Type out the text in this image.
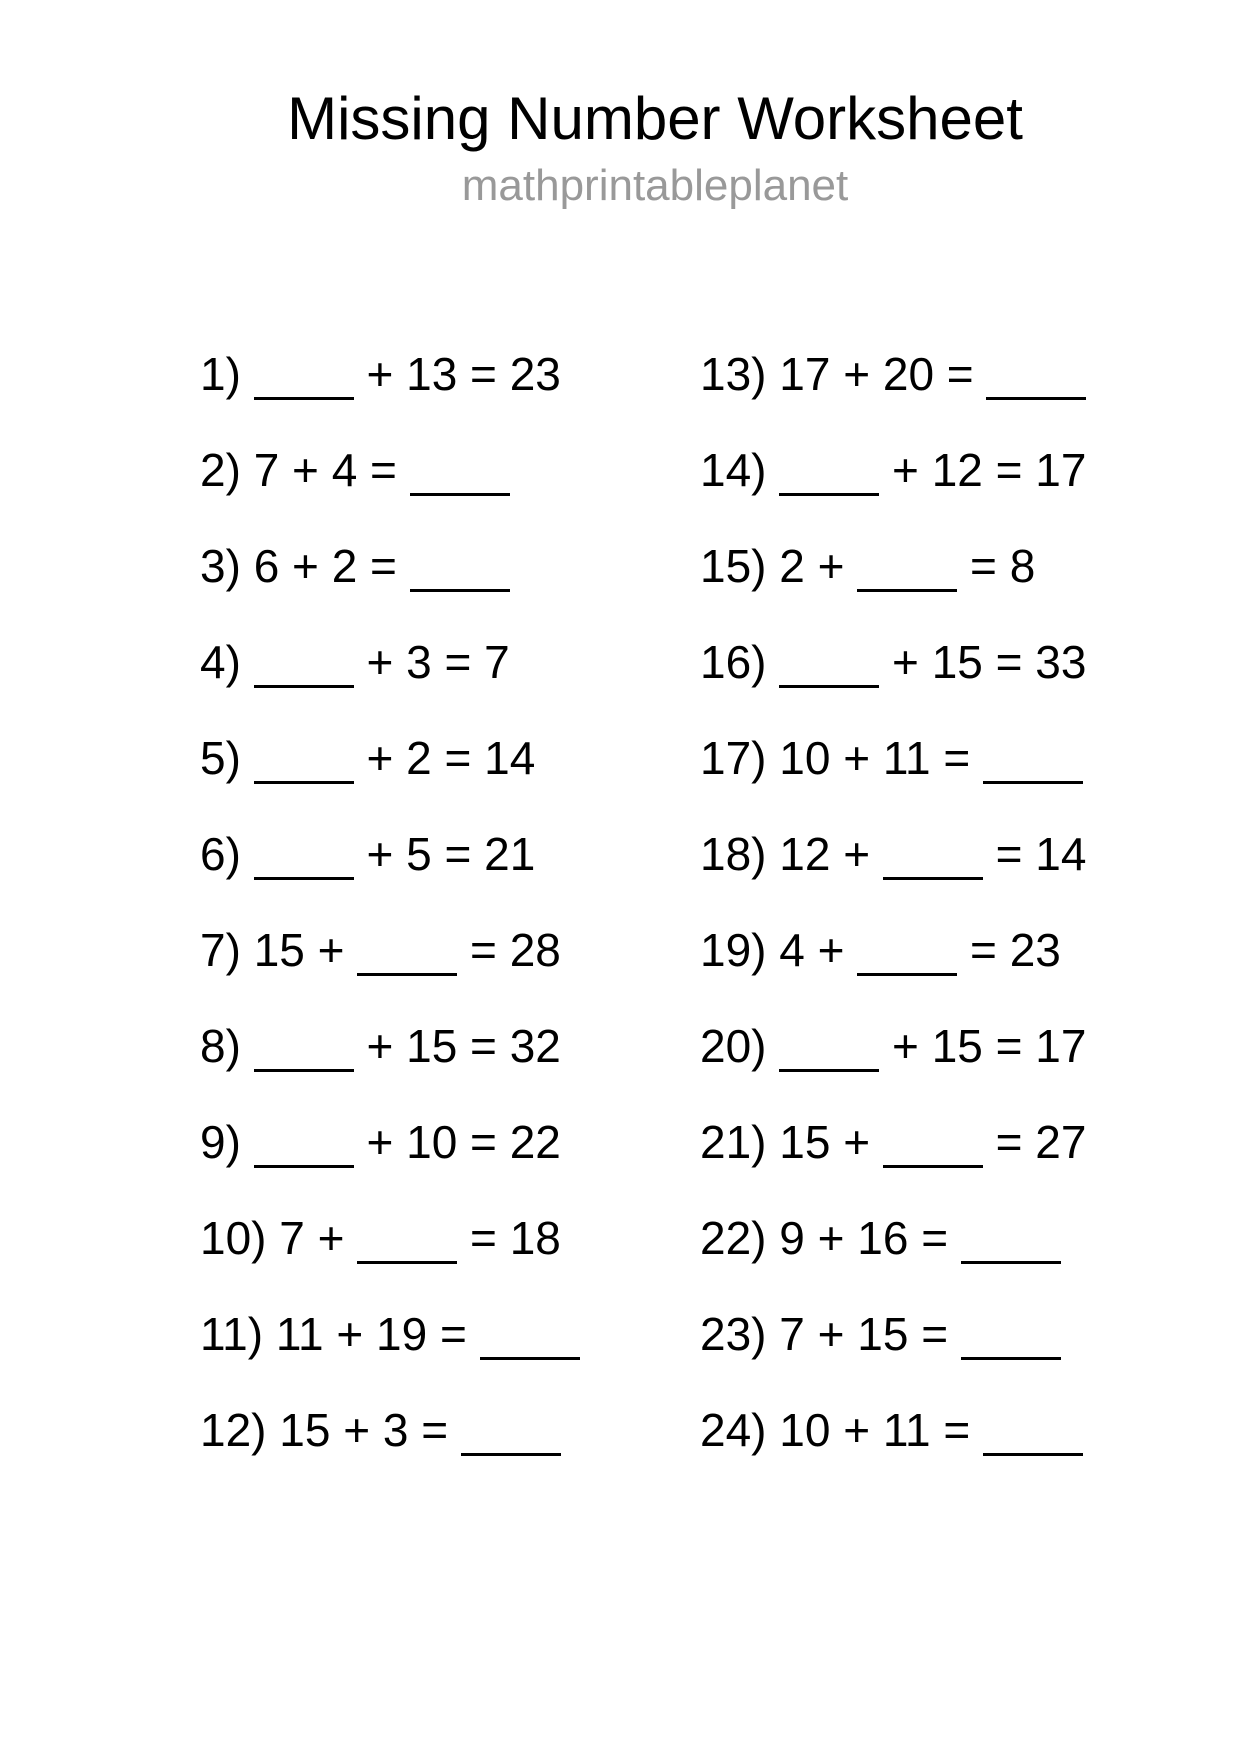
Missing Number Worksheet
mathprintableplanet
1)  + 13 = 23
2) 7 + 4 =
3) 6 + 2 =
4)  + 3 = 7
5)  + 2 = 14
6)  + 5 = 21
7) 15 +  = 28
8)  + 15 = 32
9)  + 10 = 22
10) 7 +  = 18
11) 11 + 19 =
12) 15 + 3 =
13) 17 + 20 =
14)  + 12 = 17
15) 2 +  = 8
16)  + 15 = 33
17) 10 + 11 =
18) 12 +  = 14
19) 4 +  = 23
20)  + 15 = 17
21) 15 +  = 27
22) 9 + 16 =
23) 7 + 15 =
24) 10 + 11 =
